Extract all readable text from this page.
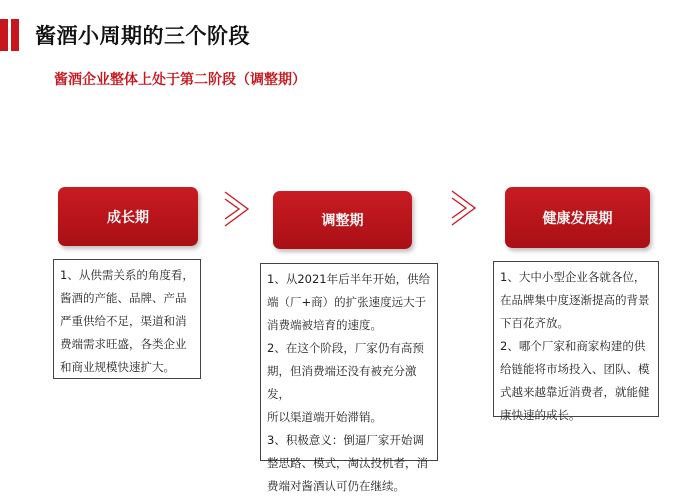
酱酒小周期的三个阶段
酱酒企业整体上处于第二阶段（调整期）
成长期	调整期	健康发展期

1、从供需关系的角度看，

酱酒的产能、品牌、产品

严重供给不足，渠道和消

费端需求旺盛，各类企业

和商业规模快速扩大。

1、从2021年后半年开始，供给

端（厂+商）的扩张速度远大于

消费端被培育的速度。

2、在这个阶段，厂家仍有高预

期，但消费端还没有被充分激发，

所以渠道端开始滞销。

3、积极意义：倒逼厂家开始调

整思路、模式，淘汰投机者，消

费端对酱酒认可仍在继续。

1、大中小型企业各就各位，

在品牌集中度逐渐提高的背景

下百花齐放。

2、哪个厂家和商家构建的供

给链能将市场投入、团队、模

式越来越靠近消费者，就能健

康快速的成长。
